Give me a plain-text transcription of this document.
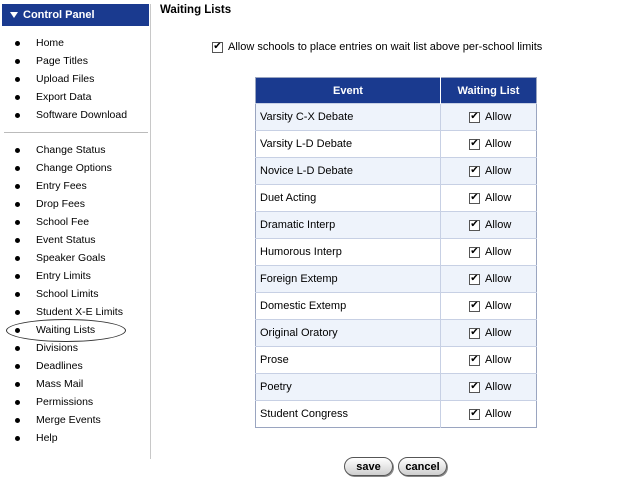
Control Panel
Home
Page Titles
Upload Files
Export Data
Software Download
Change Status
Change Options
Entry Fees
Drop Fees
School Fee
Event Status
Speaker Goals
Entry Limits
School Limits
Student X-E Limits
Waiting Lists
Divisions
Deadlines
Mass Mail
Permissions
Merge Events
Help
Waiting Lists
✔ Allow schools to place entries on wait list above per-school limits
Event	Waiting List
Varsity C-X Debate	✔ Allow

Varsity L-D Debate	✔ Allow

Novice L-D Debate	✔ Allow

Duet Acting	✔ Allow

Dramatic Interp	✔ Allow

Humorous Interp	✔ Allow

Foreign Extemp	✔ Allow

Domestic Extemp	✔ Allow

Original Oratory	✔ Allow

Prose	✔ Allow

Poetry	✔ Allow

Student Congress	✔ Allow
save	cancel
